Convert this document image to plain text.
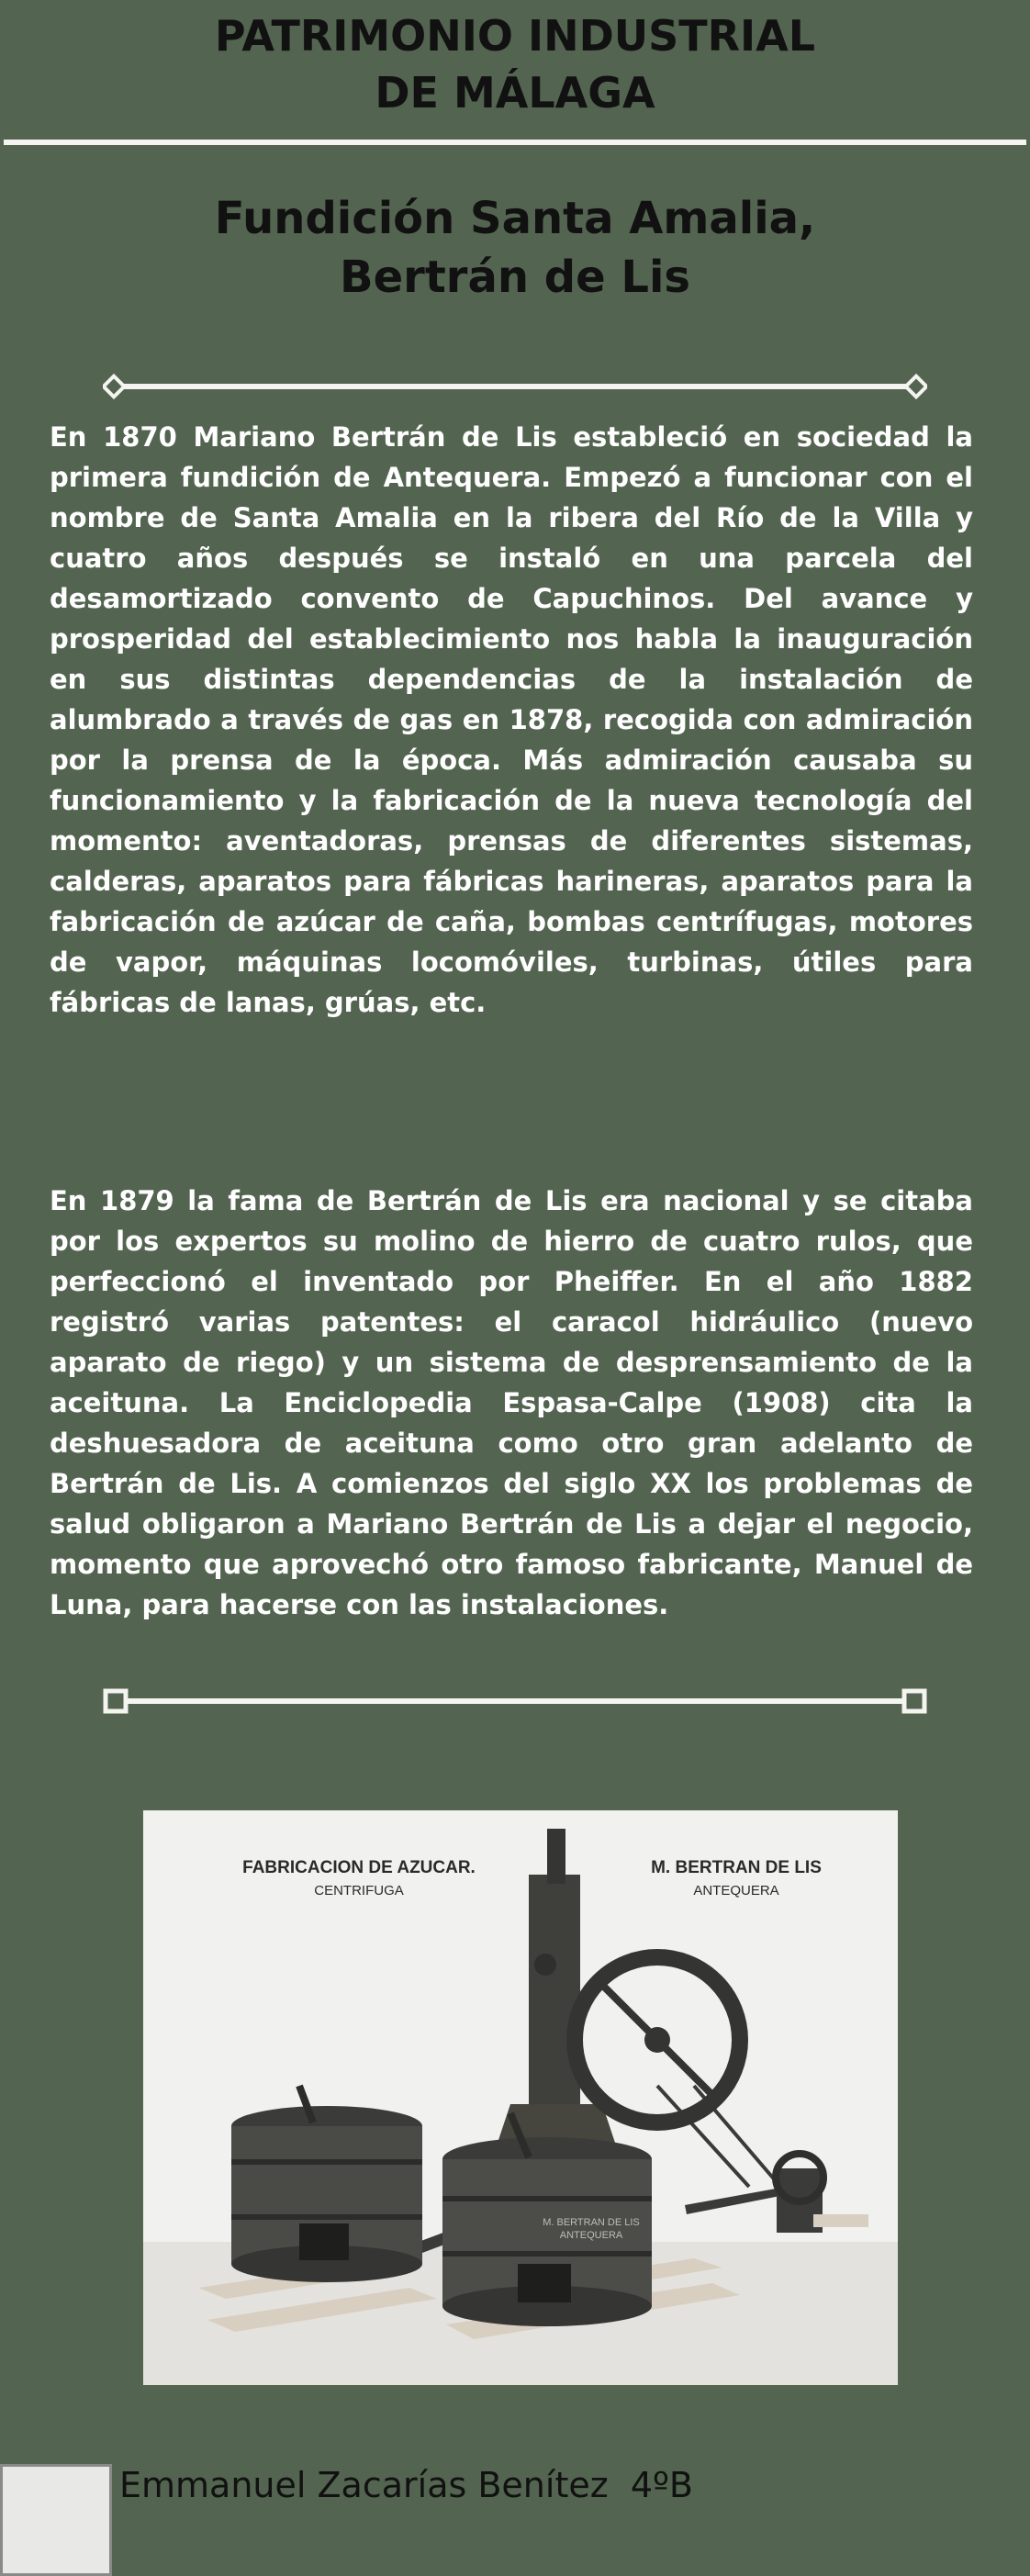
PATRIMONIO INDUSTRIAL
DE MÁLAGA
Fundición Santa Amalia,
Bertrán de Lis

En 1870 Mariano Bertrán de Lis estableció en sociedad la primera fundición de Antequera. Empezó a funcionar con el nombre de Santa Amalia en la ribera del Río de la Villa y cuatro años después se instaló en una parcela del desamortizado convento de Capuchinos. Del avance y prosperidad del establecimiento nos habla la inauguración en sus distintas dependencias de la instalación de alumbrado a través de gas en 1878, recogida con admiración por la prensa de la época. Más admiración causaba su funcionamiento y la fabricación de la nueva tecnología del momento: aventadoras, prensas de diferentes sistemas, calderas, aparatos para fábricas harineras, aparatos para la fabricación de azúcar de caña, bombas centrífugas, motores de vapor, máquinas locomóviles, turbinas, útiles para fábricas de lanas, grúas, etc.

En 1879 la fama de Bertrán de Lis era nacional y se citaba por los expertos su molino de hierro de cuatro rulos, que perfeccionó el inventado por Pheiffer. En el año 1882 registró varias patentes: el caracol hidráulico (nuevo aparato de riego) y un sistema de desprensamiento de la aceituna. La Enciclopedia Espasa-Calpe (1908) cita la deshuesadora de aceituna como otro gran adelanto de Bertrán de Lis. A comienzos del siglo XX los problemas de salud obligaron a Mariano Bertrán de Lis a dejar el negocio, momento que aprovechó otro famoso fabricante, Manuel de Luna, para hacerse con las instalaciones.

FABRICACION DE AZUCAR.
CENTRIFUGA
M. BERTRAN DE LIS
ANTEQUERA
M. BERTRAN DE LIS
ANTEQUERA
Emmanuel Zacarías Benítez  4ºB
